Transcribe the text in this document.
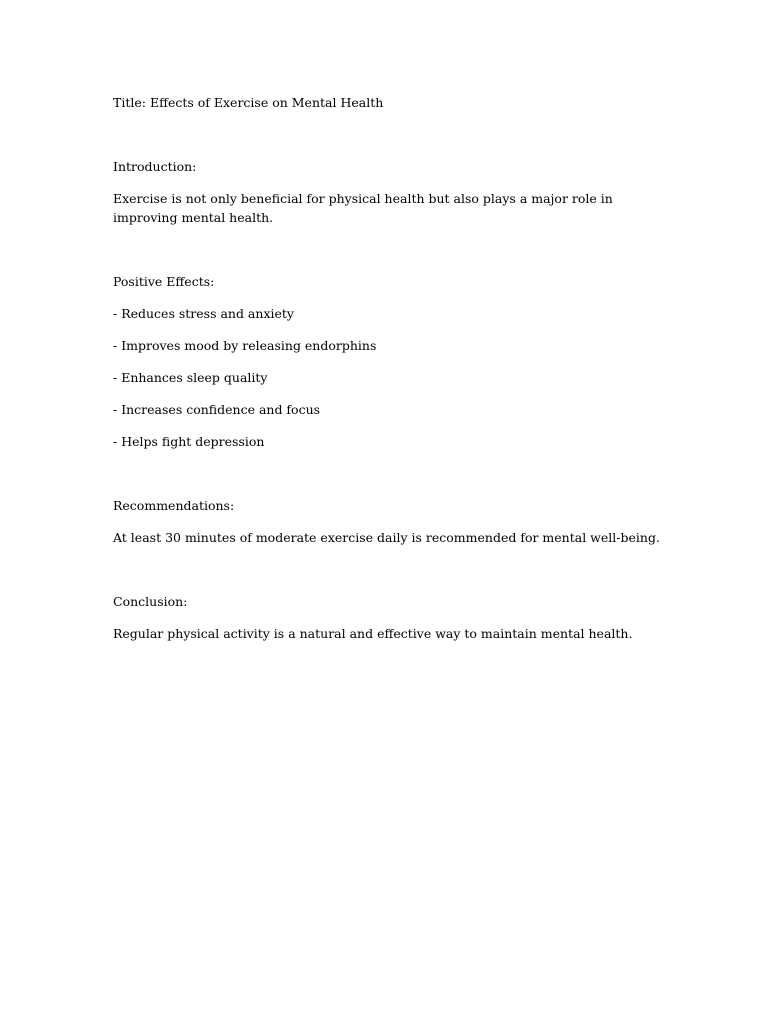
Title: Effects of Exercise on Mental Health
Introduction:
Exercise is not only beneficial for physical health but also plays a major role in improving mental health.
Positive Effects:
- Reduces stress and anxiety
- Improves mood by releasing endorphins
- Enhances sleep quality
- Increases confidence and focus
- Helps fight depression
Recommendations:
At least 30 minutes of moderate exercise daily is recommended for mental well-being.
Conclusion:
Regular physical activity is a natural and effective way to maintain mental health.
